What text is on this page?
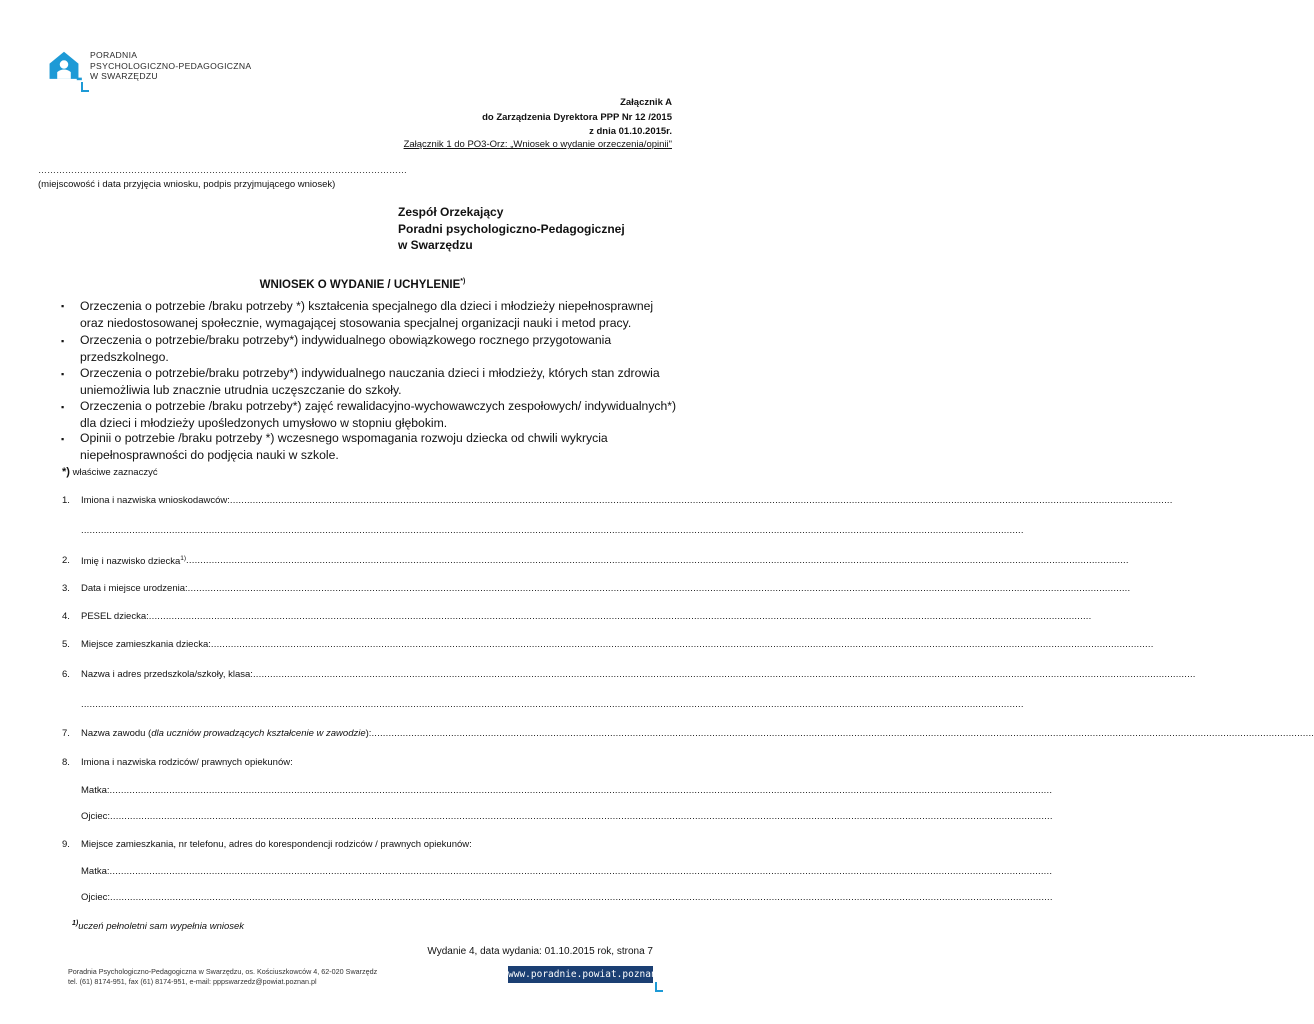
PORADNIA
PSYCHOLOGICZNO-PEDAGOGICZNA
W SWARZĘDZU
Załącznik A
do Zarządzenia Dyrektora PPP Nr 12 /2015
z dnia 01.10.2015r.
Załącznik 1 do PO3-Orz: „Wniosek o wydanie orzeczenia/opinii"
……………………………………………………………………………………………………………
(miejscowość i data przyjęcia wniosku, podpis przyjmującego wniosek)
Zespół Orzekający
Poradni psychologiczno-Pedagogicznej
w Swarzędzu
WNIOSEK O WYDANIE / UCHYLENIE*)
▪ Orzeczenia o potrzebie /braku potrzeby *) kształcenia specjalnego dla dzieci i młodzieży niepełnosprawnej oraz niedostosowanej społecznie, wymagającej stosowania specjalnej organizacji nauki i metod pracy.
▪ Orzeczenia o potrzebie/braku potrzeby*) indywidualnego obowiązkowego rocznego przygotowania przedszkolnego.
▪ Orzeczenia o potrzebie/braku potrzeby*) indywidualnego nauczania dzieci i młodzieży, których stan zdrowia uniemożliwia lub znacznie utrudnia uczęszczanie do szkoły.
▪ Orzeczenia o potrzebie /braku potrzeby*) zajęć rewalidacyjno-wychowawczych zespołowych/ indywidualnych*) dla dzieci i młodzieży upośledzonych umysłowo w stopniu głębokim.
▪ Opinii o potrzebie /braku potrzeby *) wczesnego wspomagania rozwoju dziecka od chwili wykrycia niepełnosprawności do podjęcia nauki w szkole.
*) właściwe zaznaczyć
1.	Imiona i nazwiska wnioskodawców:
.....
.....
2.	Imię i nazwisko dziecka$^{1)}$
.....
3.	Data i miejsce urodzenia:
.....
4.	PESEL dziecka:
.....
5.	Miejsce zamieszkania dziecka:
.....
6.	Nazwa i adres przedszkola/szkoły, klasa:
.....
.....
7.	Nazwa zawodu (dla uczniów prowadzących kształcenie w zawodzie):
.....
8.	Imiona i nazwiska rodziców/ prawnych opiekunów:
Matka:
.....
Ojciec:
.....
9.	Miejsce zamieszkania, nr telefonu, adres do korespondencji rodziców / prawnych opiekunów:
Matka:
.....
Ojciec:
.....
$^{1)}$uczeń pełnoletni sam wypełnia wniosek
Wydanie 4, data wydania: 01.10.2015 rok, strona 7
Poradnia Psychologiczno-Pedagogiczna w Swarzędzu, os. Kościuszkowców 4, 62-020 Swarzędz
tel. (61) 8174-951, fax (61) 8174-951, e-mail: pppswarzedz@powiat.poznan.pl
www.poradnie.powiat.poznan.pl
